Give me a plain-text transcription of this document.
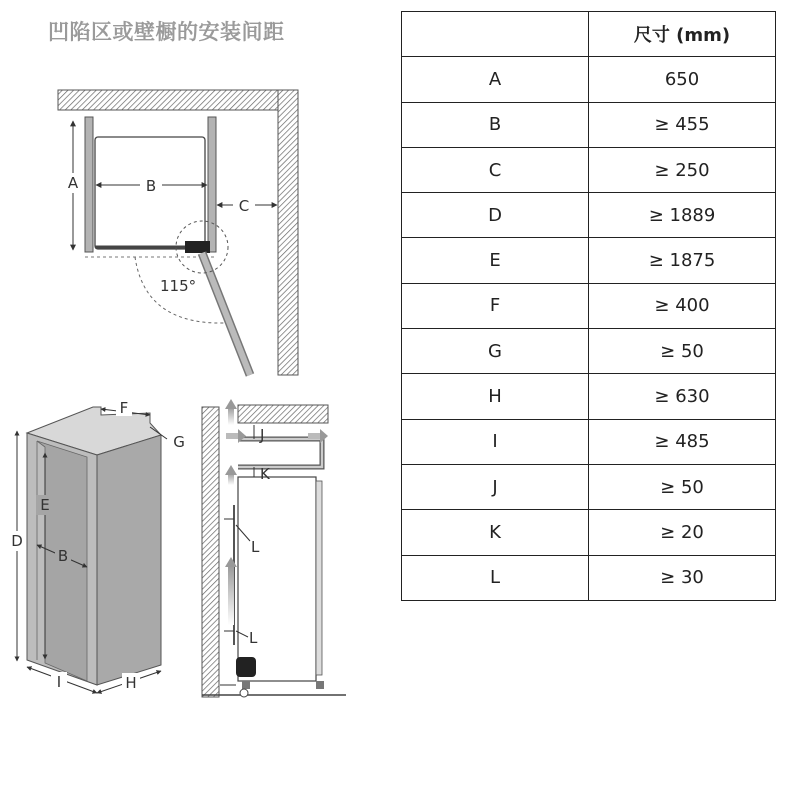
凹陷区或壁橱的安装间距
A	B
C
115°
D
E
B
F
G
I	H
J
K
L
L
	尺寸 (mm)
A	650
B	≥ 455
C	≥ 250
D	≥ 1889
E	≥ 1875
F	≥ 400
G	≥ 50
H	≥ 630
I	≥ 485
J	≥ 50
K	≥ 20
L	≥ 30
